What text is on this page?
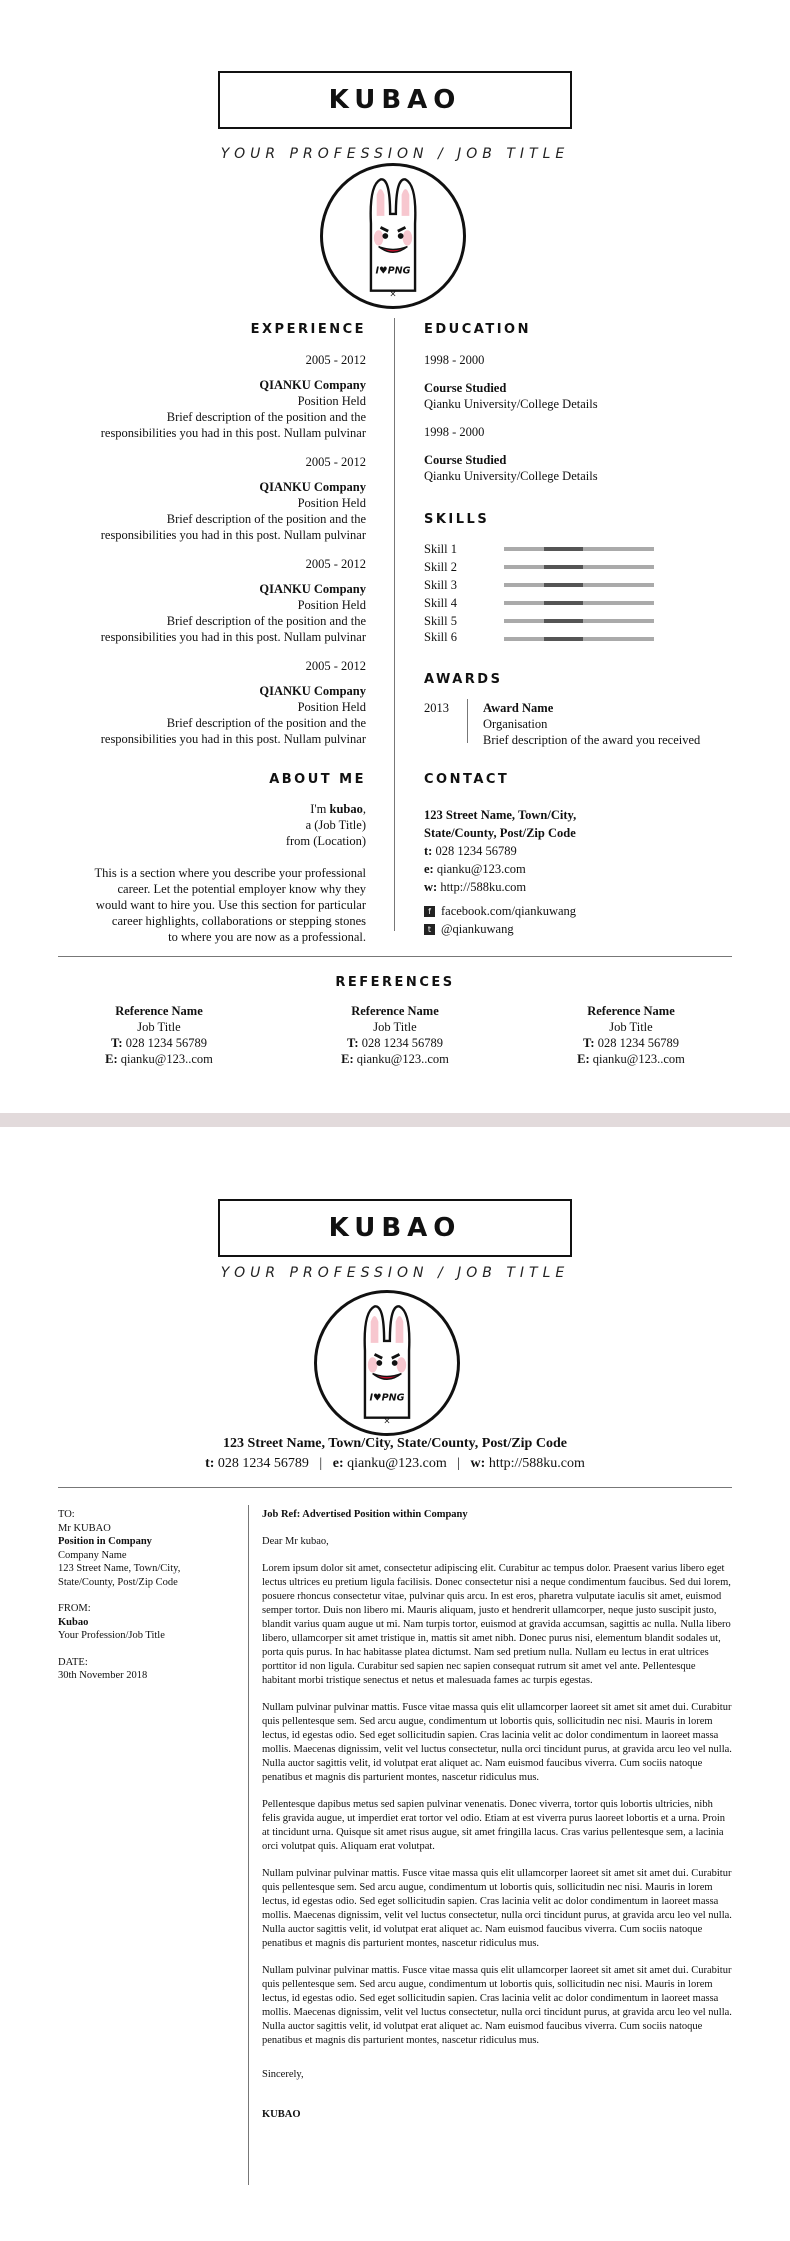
KUBAO
YOUR PROFESSION / JOB TITLE
I♥PNG
×
EXPERIENCE
2005 - 2012
QIANKU Company
Position Held
Brief description of the position and the
responsibilities you had in this post. Nullam pulvinar
2005 - 2012
QIANKU Company
Position Held
Brief description of the position and the
responsibilities you had in this post. Nullam pulvinar
2005 - 2012
QIANKU Company
Position Held
Brief description of the position and the
responsibilities you had in this post. Nullam pulvinar
2005 - 2012
QIANKU Company
Position Held
Brief description of the position and the
responsibilities you had in this post. Nullam pulvinar
EDUCATION
1998 - 2000
Course Studied
Qianku University/College Details
1998 - 2000
Course Studied
Qianku University/College Details
SKILLS
Skill 1
Skill 2
Skill 3
Skill 4
Skill 5
Skill 6
AWARDS
2013	Award Name
Organisation
Brief description of the award you received
ABOUT ME
I'm kubao,
a (Job Title)
from (Location)
This is a section where you describe your professional
career. Let the potential employer know why they
would want to hire you. Use this section for particular
career highlights, collaborations or stepping stones
to where you are now as a professional.
CONTACT
123 Street Name, Town/City,
State/County, Post/Zip Code
t: 028 1234 56789
e: qianku@123.com
w: http://588ku.com
f facebook.com/qiankuwang
t @qiankuwang
REFERENCES
Reference Name
Job Title
T: 028 1234 56789
E: qianku@123..com
Reference Name
Job Title
T: 028 1234 56789
E: qianku@123..com
Reference Name
Job Title
T: 028 1234 56789
E: qianku@123..com
KUBAO
YOUR PROFESSION / JOB TITLE
I♥PNG
×
123 Street Name, Town/City, State/County, Post/Zip Code
t: 028 1234 56789 | e: qianku@123.com | w: http://588ku.com
TO:
Mr KUBAO
Position in Company
Company Name
123 Street Name, Town/City,
State/County, Post/Zip Code
FROM:
Kubao
Your Profession/Job Title
DATE:
30th November 2018

Job Ref: Advertised Position within Company

Dear Mr kubao,

Lorem ipsum dolor sit amet, consectetur adipiscing elit. Curabitur ac tempus dolor. Praesent varius libero eget lectus ultrices eu pretium ligula facilisis. Donec consectetur nisi a neque condimentum faucibus. Sed dui lorem, posuere rhoncus consectetur vitae, pulvinar quis arcu. In est eros, pharetra vulputate iaculis sit amet, euismod semper tortor. Duis non libero mi. Mauris aliquam, justo et hendrerit ullamcorper, neque justo suscipit justo, blandit varius quam augue ut mi. Nam turpis tortor, euismod at gravida accumsan, sagittis ac nulla. Nulla libero libero, ullamcorper sit amet tristique in, mattis sit amet nibh. Donec purus nisi, elementum blandit sodales ut, porta quis purus. In hac habitasse platea dictumst. Nam sed pretium nulla. Nullam eu lectus in erat ultrices porttitor id non ligula. Curabitur sed sapien nec sapien consequat rutrum sit amet vel ante. Pellentesque habitant morbi tristique senectus et netus et malesuada fames ac turpis egestas.

Nullam pulvinar pulvinar mattis. Fusce vitae massa quis elit ullamcorper laoreet sit amet sit amet dui. Curabitur quis pellentesque sem. Sed arcu augue, condimentum ut lobortis quis, sollicitudin nec nisi. Mauris in lorem lectus, id egestas odio. Sed eget sollicitudin sapien. Cras lacinia velit ac dolor condimentum in laoreet massa mollis. Maecenas dignissim, velit vel luctus consectetur, nulla orci tincidunt purus, at gravida arcu leo vel nulla. Nulla auctor sagittis velit, id volutpat erat aliquet ac. Nam euismod faucibus viverra. Cum sociis natoque penatibus et magnis dis parturient montes, nascetur ridiculus mus.

Pellentesque dapibus metus sed sapien pulvinar venenatis. Donec viverra, tortor quis lobortis ultricies, nibh felis gravida augue, ut imperdiet erat tortor vel odio. Etiam at est viverra purus laoreet lobortis et a urna. Proin at tincidunt urna. Quisque sit amet risus augue, sit amet fringilla lacus. Cras varius pellentesque sem, a lacinia orci volutpat quis. Aliquam erat volutpat.

Nullam pulvinar pulvinar mattis. Fusce vitae massa quis elit ullamcorper laoreet sit amet sit amet dui. Curabitur quis pellentesque sem. Sed arcu augue, condimentum ut lobortis quis, sollicitudin nec nisi. Mauris in lorem lectus, id egestas odio. Sed eget sollicitudin sapien. Cras lacinia velit ac dolor condimentum in laoreet massa mollis. Maecenas dignissim, velit vel luctus consectetur, nulla orci tincidunt purus, at gravida arcu leo vel nulla. Nulla auctor sagittis velit, id volutpat erat aliquet ac. Nam euismod faucibus viverra. Cum sociis natoque penatibus et magnis dis parturient montes, nascetur ridiculus mus.

Nullam pulvinar pulvinar mattis. Fusce vitae massa quis elit ullamcorper laoreet sit amet sit amet dui. Curabitur quis pellentesque sem. Sed arcu augue, condimentum ut lobortis quis, sollicitudin nec nisi. Mauris in lorem lectus, id egestas odio. Sed eget sollicitudin sapien. Cras lacinia velit ac dolor condimentum in laoreet massa mollis. Maecenas dignissim, velit vel luctus consectetur, nulla orci tincidunt purus, at gravida arcu leo vel nulla. Nulla auctor sagittis velit, id volutpat erat aliquet ac. Nam euismod faucibus viverra. Cum sociis natoque penatibus et magnis dis parturient montes, nascetur ridiculus mus.

Sincerely,

KUBAO
